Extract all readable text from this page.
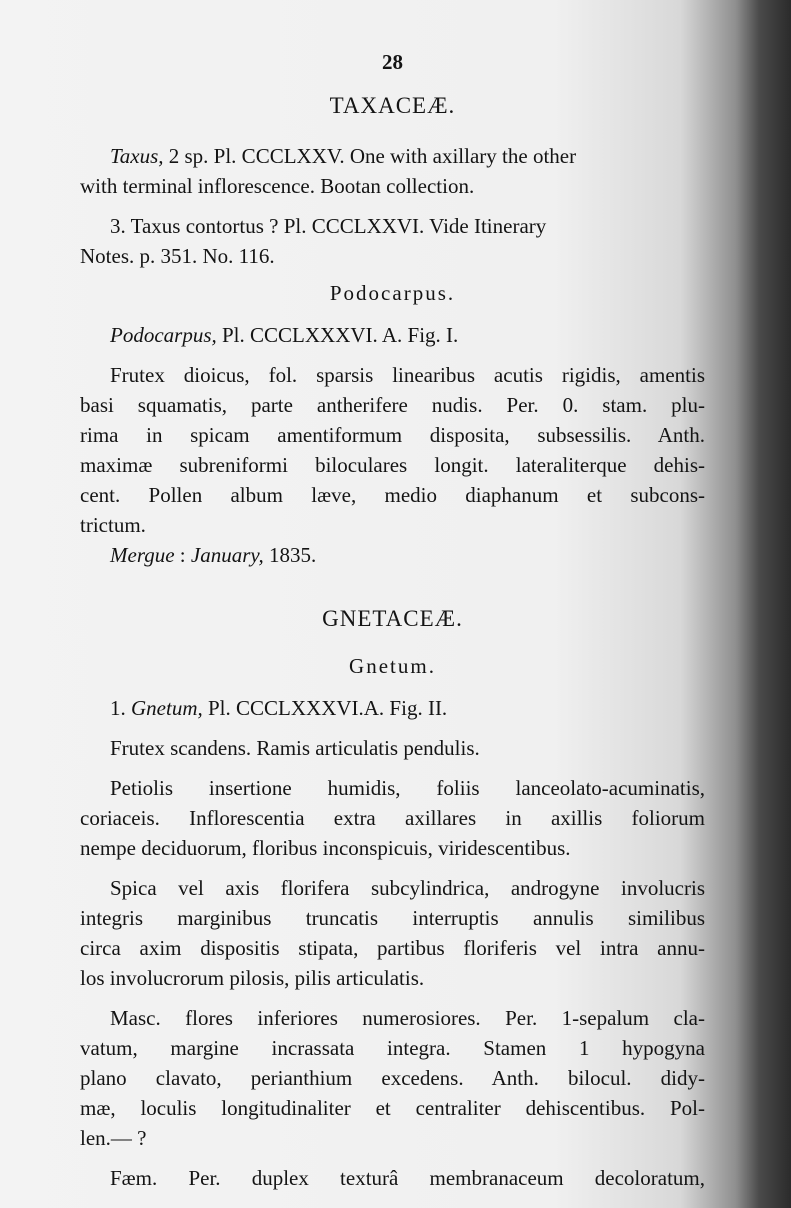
28
TAXACEÆ.
Taxus, 2 sp. Pl. CCCLXXV. One with axillary the other
with terminal inflorescence. Bootan collection.
3. Taxus contortus ? Pl. CCCLXXVI. Vide Itinerary
Notes. p. 351. No. 116.
Podocarpus.
Podocarpus, Pl. CCCLXXXVI. A. Fig. I.
Frutex dioicus, fol. sparsis linearibus acutis rigidis, amentis
basi squamatis, parte antherifere nudis. Per. 0. stam. plu-
rima in spicam amentiformum disposita, subsessilis. Anth.
maximæ subreniformi biloculares longit. lateraliterque dehis-
cent. Pollen album læve, medio diaphanum et subcons-
trictum.
Mergue : January, 1835.
GNETACEÆ.
Gnetum.
1. Gnetum, Pl. CCCLXXXVI.A. Fig. II.
Frutex scandens. Ramis articulatis pendulis.
Petiolis insertione humidis, foliis lanceolato-acuminatis,
coriaceis. Inflorescentia extra axillares in axillis foliorum
nempe deciduorum, floribus inconspicuis, viridescentibus.
Spica vel axis florifera subcylindrica, androgyne involucris
integris marginibus truncatis interruptis annulis similibus
circa axim dispositis stipata, partibus floriferis vel intra annu-
los involucrorum pilosis, pilis articulatis.
Masc. flores inferiores numerosiores. Per. 1-sepalum cla-
vatum, margine incrassata integra. Stamen 1 hypogyna
plano clavato, perianthium excedens. Anth. bilocul. didy-
mæ, loculis longitudinaliter et centraliter dehiscentibus. Pol-
len.— ?
Fæm. Per. duplex texturâ membranaceum decoloratum,
